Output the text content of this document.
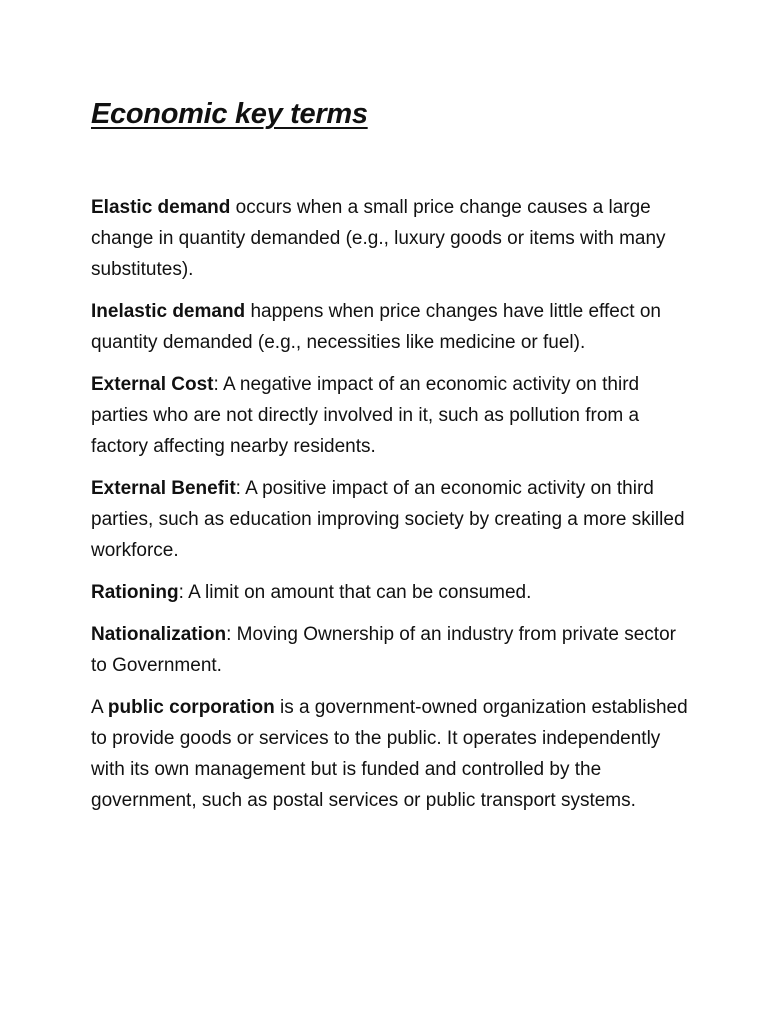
Economic key terms

Elastic demand occurs when a small price change causes a large change in quantity demanded (e.g., luxury goods or items with many substitutes).

Inelastic demand happens when price changes have little effect on quantity demanded (e.g., necessities like medicine or fuel).

External Cost: A negative impact of an economic activity on third parties who are not directly involved in it, such as pollution from a factory affecting nearby residents.

External Benefit: A positive impact of an economic activity on third parties, such as education improving society by creating a more skilled workforce.

Rationing: A limit on amount that can be consumed.

Nationalization: Moving Ownership of an industry from private sector to Government.

A public corporation is a government-owned organization established to provide goods or services to the public. It operates independently with its own management but is funded and controlled by the government, such as postal services or public transport systems.
